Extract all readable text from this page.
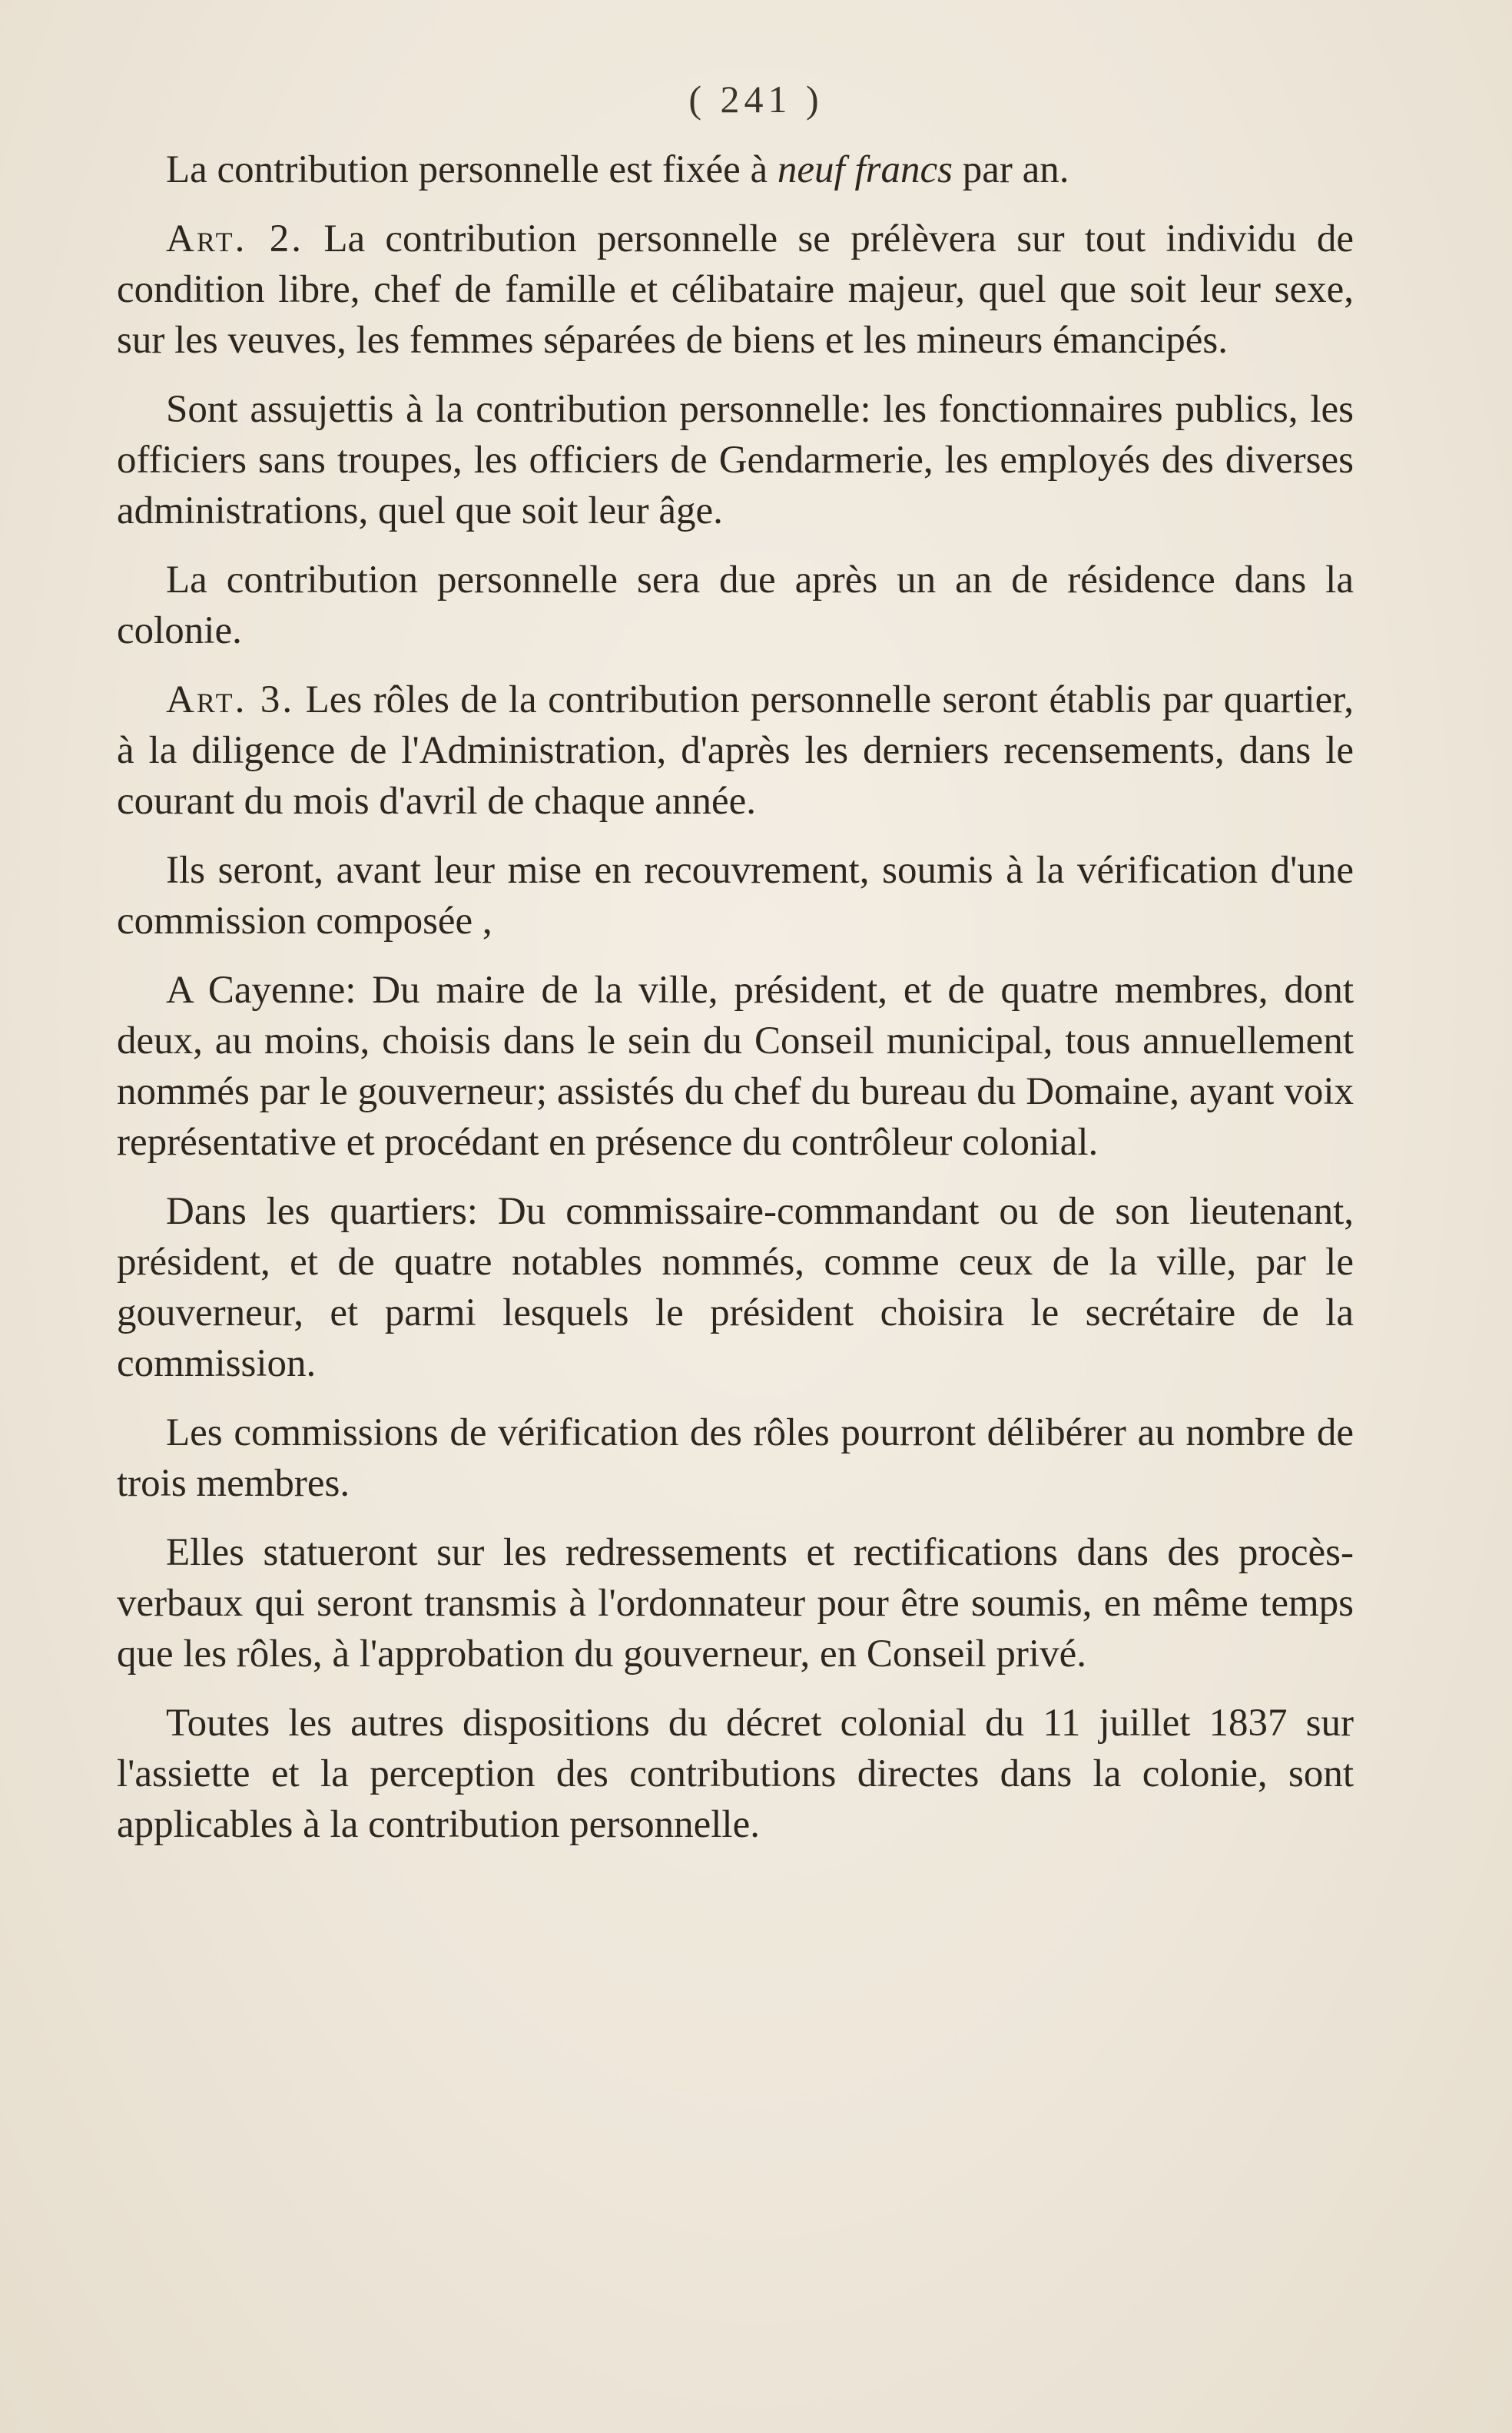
( 241 )

La contribution personnelle est fixée à neuf francs par an.

Art. 2. La contribution personnelle se prélèvera sur tout individu de condition libre, chef de famille et célibataire majeur, quel que soit leur sexe, sur les veuves, les femmes séparées de biens et les mineurs émancipés.

Sont assujettis à la contribution personnelle: les fonctionnaires publics, les officiers sans troupes, les officiers de Gendarmerie, les employés des diverses administrations, quel que soit leur âge.

La contribution personnelle sera due après un an de résidence dans la colonie.

Art. 3. Les rôles de la contribution personnelle seront établis par quartier, à la diligence de l'Administration, d'après les derniers recensements, dans le courant du mois d'avril de chaque année.

Ils seront, avant leur mise en recouvrement, soumis à la vérification d'une commission composée ,

A Cayenne: Du maire de la ville, président, et de quatre membres, dont deux, au moins, choisis dans le sein du Conseil municipal, tous annuellement nommés par le gouverneur; assistés du chef du bureau du Domaine, ayant voix représentative et procédant en présence du contrôleur colonial.

Dans les quartiers: Du commissaire-commandant ou de son lieutenant, président, et de quatre notables nommés, comme ceux de la ville, par le gouverneur, et parmi lesquels le président choisira le secrétaire de la commission.

Les commissions de vérification des rôles pourront délibérer au nombre de trois membres.

Elles statueront sur les redressements et rectifications dans des procès-verbaux qui seront transmis à l'ordonnateur pour être soumis, en même temps que les rôles, à l'approbation du gouverneur, en Conseil privé.

Toutes les autres dispositions du décret colonial du 11 juillet 1837 sur l'assiette et la perception des contributions directes dans la colonie, sont applicables à la contribution personnelle.
